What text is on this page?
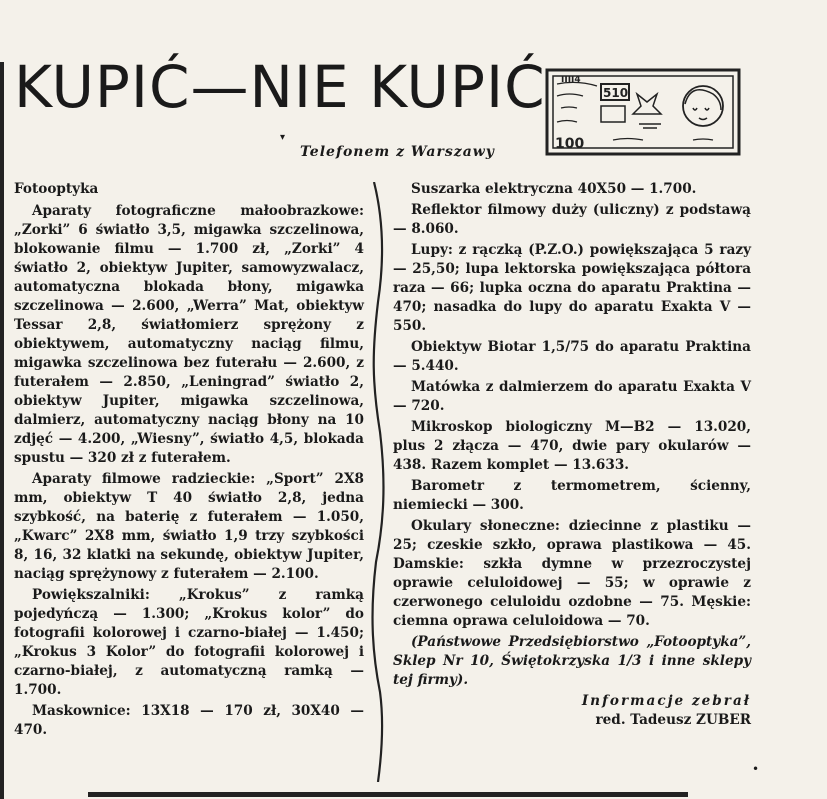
KUPIĆ—NIE KUPIĆ
▾
Telefonem z Warszawy
510
IIII4
100

Fotooptyka

Aparaty fotograficzne małoobrazkowe: „Zorki” 6 światło 3,5, migawka szczelinowa, blokowanie filmu — 1.700 zł, „Zorki” 4 światło 2, obiektyw Jupiter, samowyzwalacz, automatyczna blokada błony, migawka szczelinowa — 2.600, „Werra” Mat, obiektyw Tessar 2,8, światłomierz sprężony z obiektywem, automatyczny naciąg filmu, migawka szczelinowa bez futerału — 2.600, z futerałem — 2.850, „Leningrad” światło 2, obiektyw Jupiter, migawka szczelinowa, dalmierz, automatyczny naciąg błony na 10 zdjęć — 4.200, „Wiesny”, światło 4,5, blokada spustu — 320 zł z futerałem.

Aparaty filmowe radzieckie: „Sport” 2X8 mm, obiektyw T 40 światło 2,8, jedna szybkość, na baterię z futerałem — 1.050, „Kwarc” 2X8 mm, światło 1,9 trzy szybkości 8, 16, 32 klatki na sekundę, obiektyw Jupiter, naciąg sprężynowy z futerałem — 2.100.

Powiększalniki: „Krokus” z ramką pojedyńczą — 1.300; „Krokus kolor” do fotografii kolorowej i czarno-białej — 1.450; „Krokus 3 Kolor” do fotografii kolorowej i czarno-białej, z automatyczną ramką — 1.700.

Maskownice: 13X18 — 170 zł, 30X40 — 470.

Suszarka elektryczna 40X50 — 1.700.

Reflektor filmowy duży (uliczny) z podstawą — 8.060.

Lupy: z rączką (P.Z.O.) powiększająca 5 razy — 25,50; lupa lektorska powiększająca półtora raza — 66; lupka oczna do aparatu Praktina — 470; nasadka do lupy do aparatu Exakta V — 550.

Obiektyw Biotar 1,5/75 do aparatu Praktina — 5.440.

Matówka z dalmierzem do aparatu Exakta V — 720.

Mikroskop biologiczny M—B2 — 13.020, plus 2 złącza — 470, dwie pary okularów — 438. Razem komplet — 13.633.

Barometr z termometrem, ścienny, niemiecki — 300.

Okulary słoneczne: dziecinne z plastiku — 25; czeskie szkło, oprawa plastikowa — 45. Damskie: szkła dymne w przezroczystej oprawie celuloidowej — 55; w oprawie z czerwonego celuloidu ozdobne — 75. Męskie: ciemna oprawa celuloidowa — 70.

(Państwowe Przedsiębiorstwo „Fotooptyka”, Sklep Nr 10, Świętokrzyska 1/3 i inne sklepy tej firmy).

Informacje zebrał
red. Tadeusz ZUBER

•
